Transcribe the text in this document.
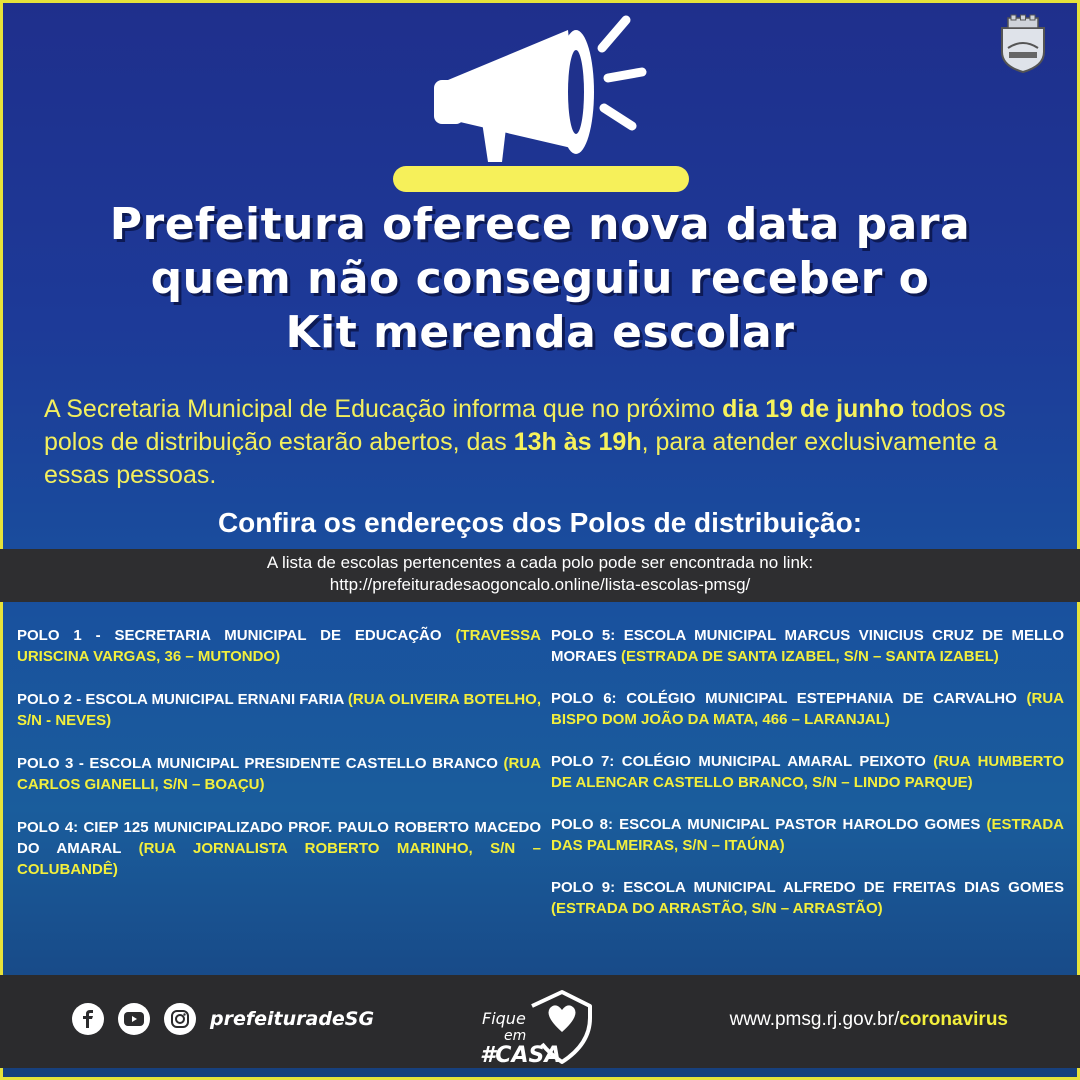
Prefeitura oferece nova data para
quem não conseguiu receber o
Kit merenda escolar

A Secretaria Municipal de Educação informa que no próximo dia 19 de junho todos os polos de distribuição estarão abertos, das 13h às 19h, para atender exclusivamente a essas pessoas.

Confira os endereços dos Polos de distribuição:
A lista de escolas pertencentes a cada polo pode ser encontrada no link:
http://prefeituradesaogoncalo.online/lista-escolas-pmsg/

POLO 1 - SECRETARIA MUNICIPAL DE EDUCAÇÃO (TRAVESSA URISCINA VARGAS, 36 – MUTONDO)

POLO 2 - ESCOLA MUNICIPAL ERNANI FARIA (RUA OLIVEIRA BOTELHO, S/N - NEVES)

POLO 3 - ESCOLA MUNICIPAL PRESIDENTE CASTELLO BRANCO (RUA CARLOS GIANELLI, S/N – BOAÇU)

POLO 4: CIEP 125 MUNICIPALIZADO PROF. PAULO ROBERTO MACEDO DO AMARAL (RUA JORNALISTA ROBERTO MARINHO, S/N – COLUBANDÊ)

POLO 5: ESCOLA MUNICIPAL MARCUS VINICIUS CRUZ DE MELLO MORAES (ESTRADA DE SANTA IZABEL, S/N – SANTA IZABEL)

POLO 6: COLÉGIO MUNICIPAL ESTEPHANIA DE CARVALHO (RUA BISPO DOM JOÃO DA MATA, 466 – LARANJAL)

POLO 7: COLÉGIO MUNICIPAL AMARAL PEIXOTO (RUA HUMBERTO DE ALENCAR CASTELLO BRANCO, S/N – LINDO PARQUE)

POLO 8: ESCOLA MUNICIPAL PASTOR HAROLDO GOMES (ESTRADA DAS PALMEIRAS, S/N – ITAÚNA)

POLO 9: ESCOLA MUNICIPAL ALFREDO DE FREITAS DIAS GOMES (ESTRADA DO ARRASTÃO, S/N – ARRASTÃO)

prefeituradeSG	Fique
em
#CASA
www.pmsg.rj.gov.br/coronavirus
